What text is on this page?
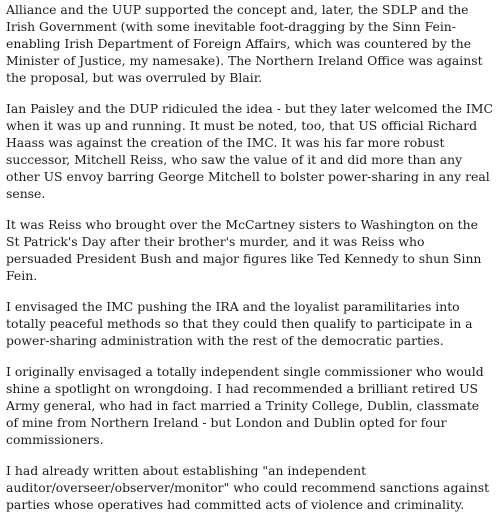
Alliance and the UUP supported the concept and, later, the SDLP and the Irish Government (with some inevitable foot-dragging by the Sinn Fein-enabling Irish Department of Foreign Affairs, which was countered by the Minister of Justice, my namesake). The Northern Ireland Office was against the proposal, but was overruled by Blair.

Ian Paisley and the DUP ridiculed the idea - but they later welcomed the IMC when it was up and running. It must be noted, too, that US official Richard Haass was against the creation of the IMC. It was his far more robust successor, Mitchell Reiss, who saw the value of it and did more than any other US envoy barring George Mitchell to bolster power-sharing in any real sense.

It was Reiss who brought over the McCartney sisters to Washington on the St Patrick's Day after their brother's murder, and it was Reiss who persuaded President Bush and major figures like Ted Kennedy to shun Sinn Fein.

I envisaged the IMC pushing the IRA and the loyalist paramilitaries into totally peaceful methods so that they could then qualify to participate in a power-sharing administration with the rest of the democratic parties.

I originally envisaged a totally independent single commissioner who would shine a spotlight on wrongdoing. I had recommended a brilliant retired US Army general, who had in fact married a Trinity College, Dublin, classmate of mine from Northern Ireland - but London and Dublin opted for four commissioners.

I had already written about establishing "an independent auditor/overseer/observer/monitor" who could recommend sanctions against parties whose operatives had committed acts of violence and criminality.
